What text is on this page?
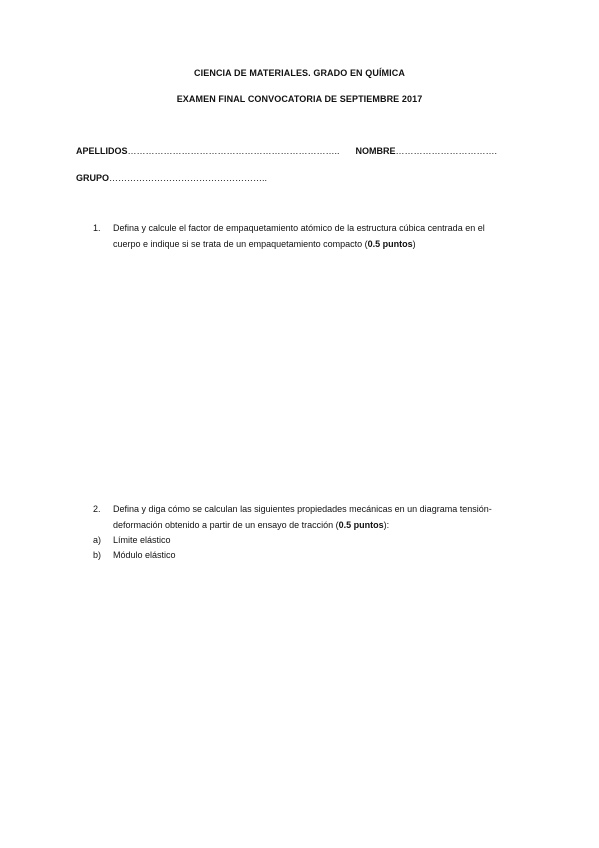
CIENCIA DE MATERIALES. GRADO EN QUÍMICA
EXAMEN FINAL CONVOCATORIA DE SEPTIEMBRE 2017
APELLIDOS…………………………………………………………….. NOMBRE…………………………….
GRUPO……………………………………………..
1. Defina y calcule el factor de empaquetamiento atómico de la estructura cúbica centrada en el cuerpo e indique si se trata de un empaquetamiento compacto (0.5 puntos)
2. Defina y diga cómo se calculan las siguientes propiedades mecánicas en un diagrama tensión-deformación obtenido a partir de un ensayo de tracción (0.5 puntos):
a) Límite elástico
b) Módulo elástico
